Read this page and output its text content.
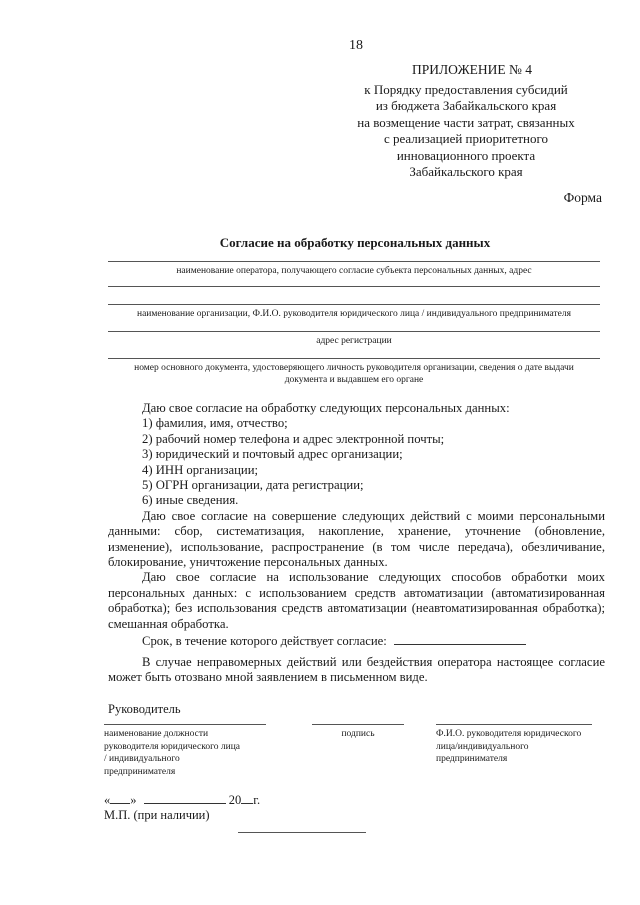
18
ПРИЛОЖЕНИЕ № 4
к Порядку предоставления субсидий
из бюджета Забайкальского края
на возмещение части затрат, связанных
с реализацией приоритетного
инновационного проекта
Забайкальского края
Форма
Согласие на обработку персональных данных
наименование оператора, получающего согласие субъекта персональных данных, адрес
наименование организации, Ф.И.О. руководителя юридического лица / индивидуального предпринимателя
адрес регистрации
номер основного документа, удостоверяющего личность руководителя организации, сведения о дате выдачи
документа и выдавшем его органе

Даю свое согласие на обработку следующих персональных данных:

1) фамилия, имя, отчество;

2) рабочий номер телефона и адрес электронной почты;

3) юридический и почтовый адрес организации;

4) ИНН организации;

5) ОГРН организации, дата регистрации;

6) иные сведения.

Даю свое согласие на совершение следующих действий с моими персональными данными: сбор, систематизация, накопление, хранение, уточнение (обновление, изменение), использование, распространение (в том числе передача), обезличивание, блокирование, уничтожение персональных данных.

Даю свое согласие на использование следующих способов обработки моих персональных данных: с использованием средств автоматизации (автоматизированная обработка); без использования средств автоматизации (неавтоматизированная обработка); смешанная обработка.

Срок, в течение которого действует согласие:

В случае неправомерных действий или бездействия оператора настоящее согласие может быть отозвано мной заявлением в письменном виде.

Руководитель
наименование должности
руководителя юридического лица
/ индивидуального
предпринимателя
подпись	Ф.И.О. руководителя юридического
лица/индивидуального
предпринимателя
« »	20 г.
М.П. (при наличии)
